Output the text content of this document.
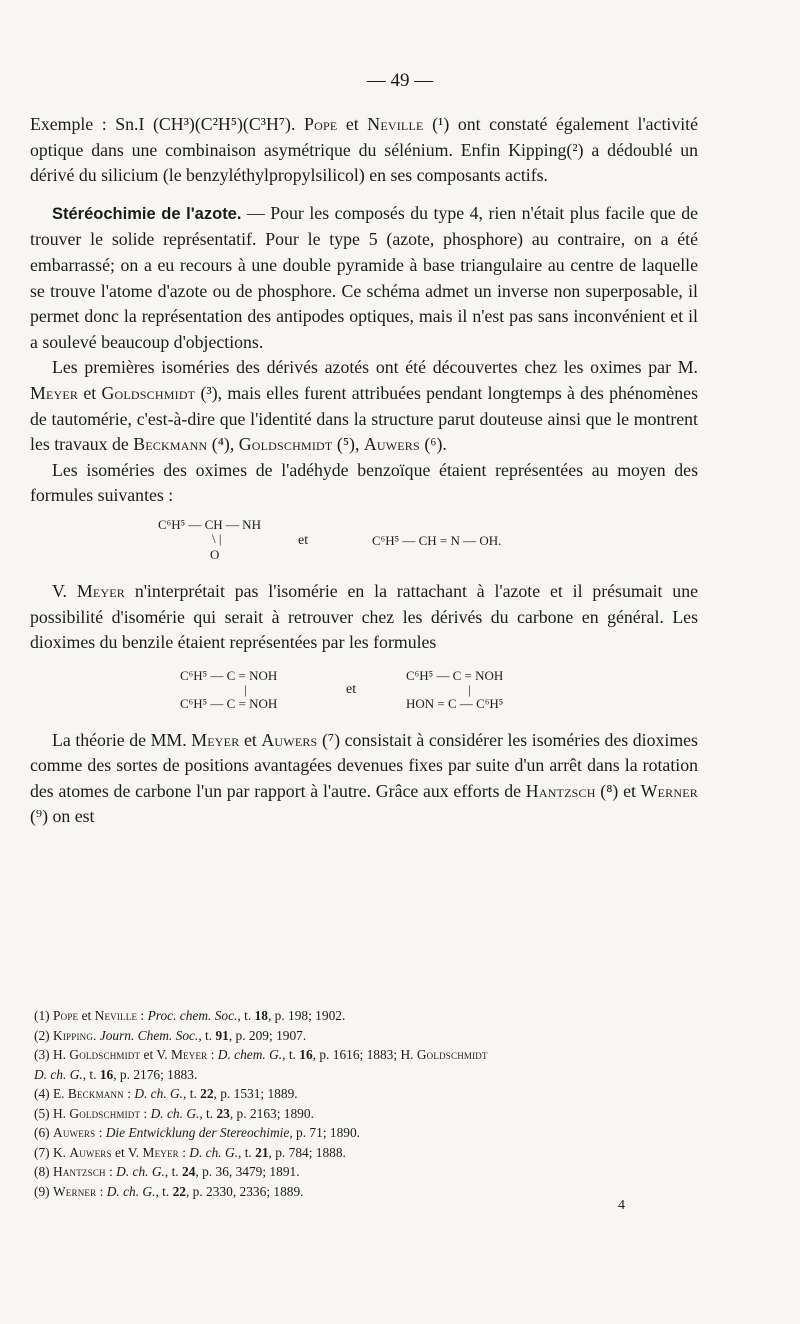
— 49 —

Exemple : Sn.I (CH³)(C²H⁵)(C³H⁷). Pope et Neville (¹) ont constaté également l'activité optique dans une combinaison asymétrique du sélénium. Enfin Kipping(²) a dédoublé un dérivé du silicium (le benzyléthylpropylsilicol) en ses composants actifs.

Stéréochimie de l'azote. — Pour les composés du type 4, rien n'était plus facile que de trouver le solide représentatif. Pour le type 5 (azote, phosphore) au contraire, on a été embarrassé; on a eu recours à une double pyramide à base triangulaire au centre de laquelle se trouve l'atome d'azote ou de phosphore. Ce schéma admet un inverse non superposable, il permet donc la représentation des antipodes optiques, mais il n'est pas sans inconvénient et il a soulevé beaucoup d'objections.

Les premières isoméries des dérivés azotés ont été découvertes chez les oximes par M. Meyer et Goldschmidt (³), mais elles furent attribuées pendant longtemps à des phénomènes de tautomérie, c'est-à-dire que l'identité dans la structure parut douteuse ainsi que le montrent les travaux de Beckmann (⁴), Goldschmidt (⁵), Auwers (⁶).

Les isoméries des oximes de l'adéhyde benzoïque étaient représentées au moyen des formules suivantes :

C⁶H⁵ — CH — NH
\ |
O
et	C⁶H⁵ — CH = N — OH.

V. Meyer n'interprétait pas l'isomérie en la rattachant à l'azote et il présumait une possibilité d'isomérie qui serait à retrouver chez les dérivés du carbone en général. Les dioximes du benzile étaient représentées par les formules

C⁶H⁵ — C = NOH
|
C⁶H⁵ — C = NOH
et
C⁶H⁵ — C = NOH
|
HON = C — C⁶H⁵

La théorie de MM. Meyer et Auwers (⁷) consistait à considérer les isoméries des dioximes comme des sortes de positions avantagées devenues fixes par suite d'un arrêt dans la rotation des atomes de carbone l'un par rapport à l'autre. Grâce aux efforts de Hantzsch (⁸) et Werner (⁹) on est

(1) Pope et Neville : Proc. chem. Soc., t. 18, p. 198; 1902.

(2) Kipping. Journ. Chem. Soc., t. 91, p. 209; 1907.

(3) H. Goldschmidt et V. Meyer : D. chem. G., t. 16, p. 1616; 1883; H. Goldschmidt
D. ch. G., t. 16, p. 2176; 1883.

(4) E. Beckmann : D. ch. G., t. 22, p. 1531; 1889.

(5) H. Goldschmidt : D. ch. G., t. 23, p. 2163; 1890.

(6) Auwers : Die Entwicklung der Stereochimie, p. 71; 1890.

(7) K. Auwers et V. Meyer : D. ch. G., t. 21, p. 784; 1888.

(8) Hantzsch : D. ch. G., t. 24, p. 36, 3479; 1891.

(9) Werner : D. ch. G., t. 22, p. 2330, 2336; 1889.

4
